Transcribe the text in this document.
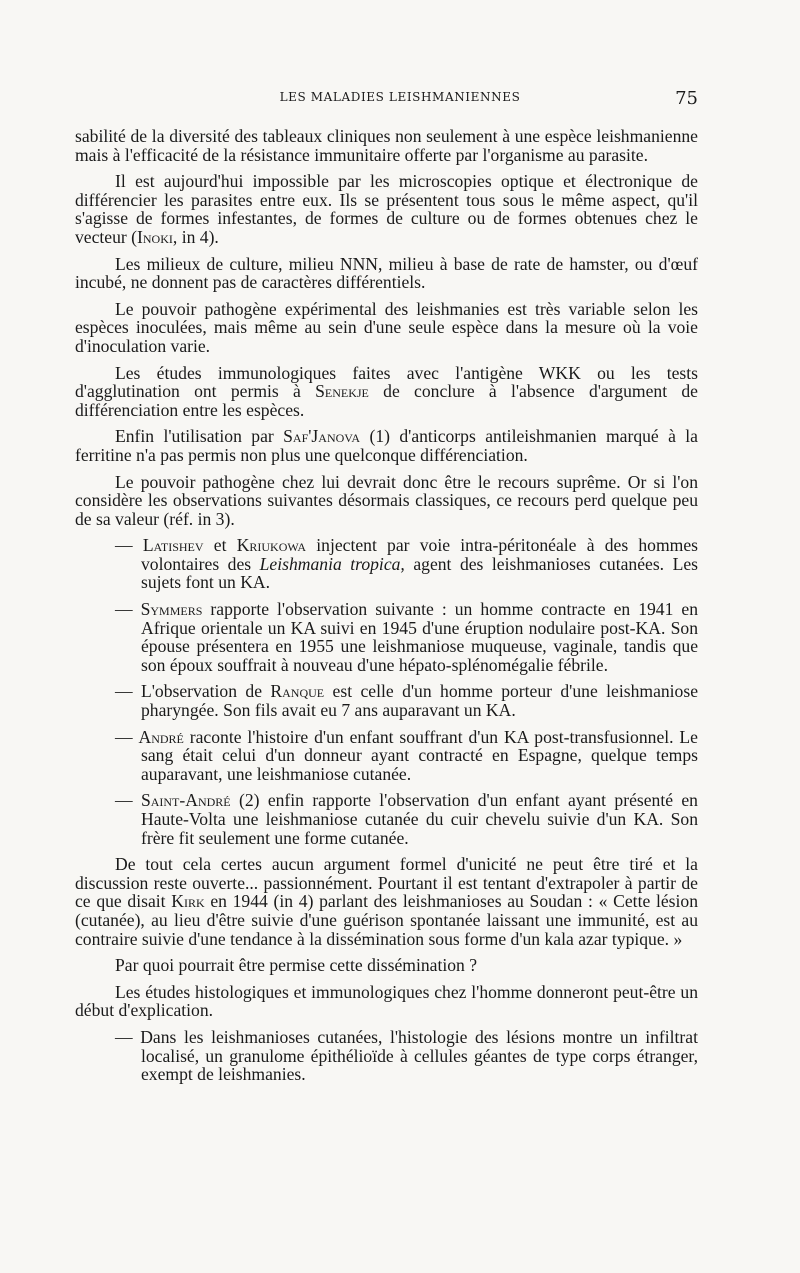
LES MALADIES LEISHMANIENNES	75

sabilité de la diversité des tableaux cliniques non seulement à une espèce leishmanienne mais à l'efficacité de la résistance immunitaire offerte par l'organisme au parasite.

Il est aujourd'hui impossible par les microscopies optique et électronique de différencier les parasites entre eux. Ils se présentent tous sous le même aspect, qu'il s'agisse de formes infestantes, de formes de culture ou de formes obtenues chez le vecteur (Inoki, in 4).

Les milieux de culture, milieu NNN, milieu à base de rate de hamster, ou d'œuf incubé, ne donnent pas de caractères différentiels.

Le pouvoir pathogène expérimental des leishmanies est très variable selon les espèces inoculées, mais même au sein d'une seule espèce dans la mesure où la voie d'inoculation varie.

Les études immunologiques faites avec l'antigène WKK ou les tests d'agglutination ont permis à Senekje de conclure à l'absence d'argument de différenciation entre les espèces.

Enfin l'utilisation par Saf'Janova (1) d'anticorps antileishmanien marqué à la ferritine n'a pas permis non plus une quelconque différenciation.

Le pouvoir pathogène chez lui devrait donc être le recours suprême. Or si l'on considère les observations suivantes désormais classiques, ce recours perd quelque peu de sa valeur (réf. in 3).

— Latishev et Kriukowa injectent par voie intra-péritonéale à des hommes volontaires des Leishmania tropica, agent des leishmanioses cutanées. Les sujets font un KA.
— Symmers rapporte l'observation suivante : un homme contracte en 1941 en Afrique orientale un KA suivi en 1945 d'une éruption nodulaire post-KA. Son épouse présentera en 1955 une leishmaniose muqueuse, vaginale, tandis que son époux souffrait à nouveau d'une hépato-splénomégalie fébrile.
— L'observation de Ranque est celle d'un homme porteur d'une leishmaniose pharyngée. Son fils avait eu 7 ans auparavant un KA.
— André raconte l'histoire d'un enfant souffrant d'un KA post-transfusionnel. Le sang était celui d'un donneur ayant contracté en Espagne, quelque temps auparavant, une leishmaniose cutanée.
— Saint-André (2) enfin rapporte l'observation d'un enfant ayant présenté en Haute-Volta une leishmaniose cutanée du cuir chevelu suivie d'un KA. Son frère fit seulement une forme cutanée.

De tout cela certes aucun argument formel d'unicité ne peut être tiré et la discussion reste ouverte... passionnément. Pourtant il est tentant d'extrapoler à partir de ce que disait Kirk en 1944 (in 4) parlant des leishmanioses au Soudan : « Cette lésion (cutanée), au lieu d'être suivie d'une guérison spontanée laissant une immunité, est au contraire suivie d'une tendance à la dissémination sous forme d'un kala azar typique. »

Par quoi pourrait être permise cette dissémination ?

Les études histologiques et immunologiques chez l'homme donneront peut-être un début d'explication.

— Dans les leishmanioses cutanées, l'histologie des lésions montre un infiltrat localisé, un granulome épithélioïde à cellules géantes de type corps étranger, exempt de leishmanies.
